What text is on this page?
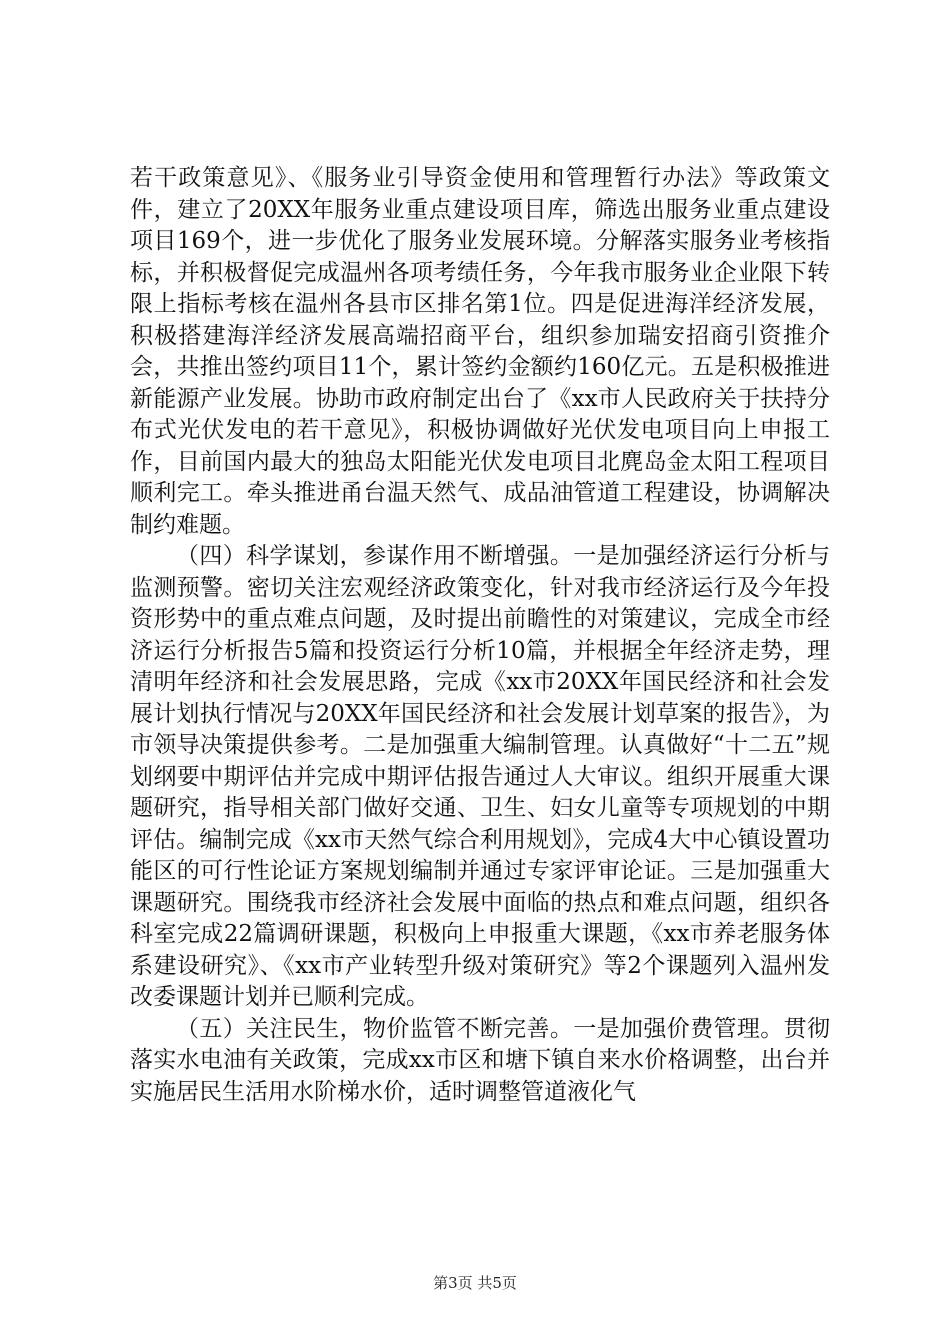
若干政策意见》、《服务业引导资金使用和管理暂行办法》等政策文件，建立了20XX年服务业重点建设项目库，筛选出服务业重点建设项目169个，进一步优化了服务业发展环境。分解落实服务业考核指标，并积极督促完成温州各项考绩任务，今年我市服务业企业限下转限上指标考核在温州各县市区排名第1位。四是促进海洋经济发展，积极搭建海洋经济发展高端招商平台，组织参加瑞安招商引资推介会，共推出签约项目11个，累计签约金额约160亿元。五是积极推进新能源产业发展。协助市政府制定出台了《xx市人民政府关于扶持分布式光伏发电的若干意见》，积极协调做好光伏发电项目向上申报工作，目前国内最大的独岛太阳能光伏发电项目北麂岛金太阳工程项目顺利完工。牵头推进甬台温天然气、成品油管道工程建设，协调解决制约难题。

（四）科学谋划，参谋作用不断增强。一是加强经济运行分析与监测预警。密切关注宏观经济政策变化，针对我市经济运行及今年投资形势中的重点难点问题，及时提出前瞻性的对策建议，完成全市经济运行分析报告5篇和投资运行分析10篇，并根据全年经济走势，理清明年经济和社会发展思路，完成《xx市20XX年国民经济和社会发展计划执行情况与20XX年国民经济和社会发展计划草案的报告》，为市领导决策提供参考。二是加强重大编制管理。认真做好“十二五”规划纲要中期评估并完成中期评估报告通过人大审议。组织开展重大课题研究，指导相关部门做好交通、卫生、妇女儿童等专项规划的中期评估。编制完成《xx市天然气综合利用规划》，完成4大中心镇设置功能区的可行性论证方案规划编制并通过专家评审论证。三是加强重大课题研究。围绕我市经济社会发展中面临的热点和难点问题，组织各科室完成22篇调研课题，积极向上申报重大课题，《xx市养老服务体系建设研究》、《xx市产业转型升级对策研究》等2个课题列入温州发改委课题计划并已顺利完成。

（五）关注民生，物价监管不断完善。一是加强价费管理。贯彻落实水电油有关政策，完成xx市区和塘下镇自来水价格调整，出台并实施居民生活用水阶梯水价，适时调整管道液化气

第3页 共5页
